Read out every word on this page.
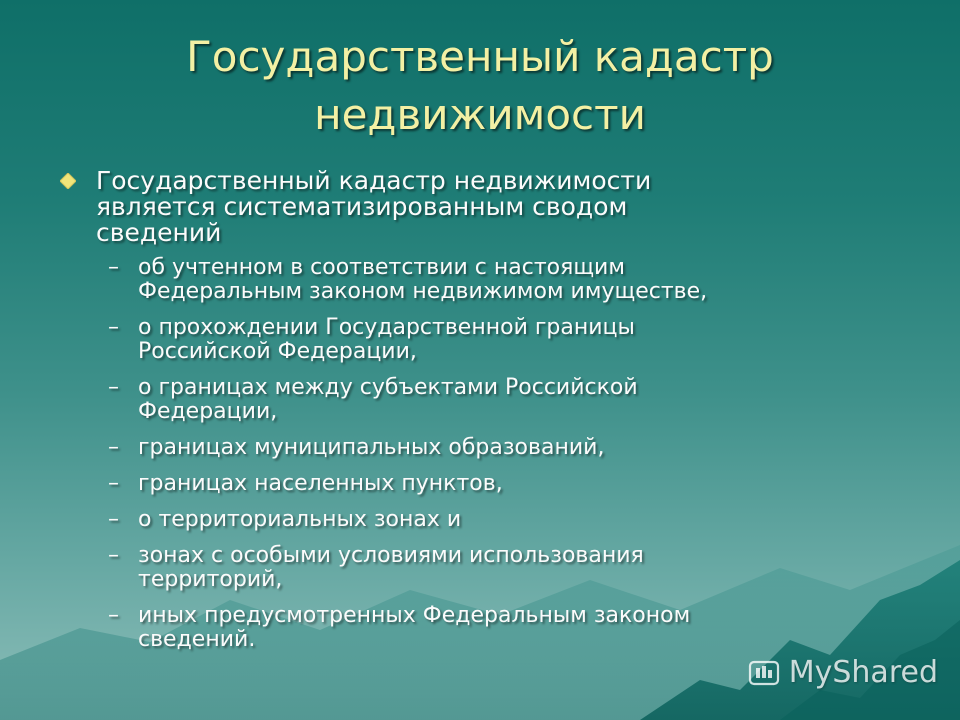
Государственный кадастр
недвижимости
Государственный кадастр недвижимости
является систематизированным сводом
сведений
– об учтенном в соответствии с настоящим
Федеральным законом недвижимом имуществе,
– о прохождении Государственной границы
Российской Федерации,
– о границах между субъектами Российской
Федерации,
– границах муниципальных образований,
– границах населенных пунктов,
– о территориальных зонах и
– зонах с особыми условиями использования
территорий,
– иных предусмотренных Федеральным законом
сведений.
MyShared
